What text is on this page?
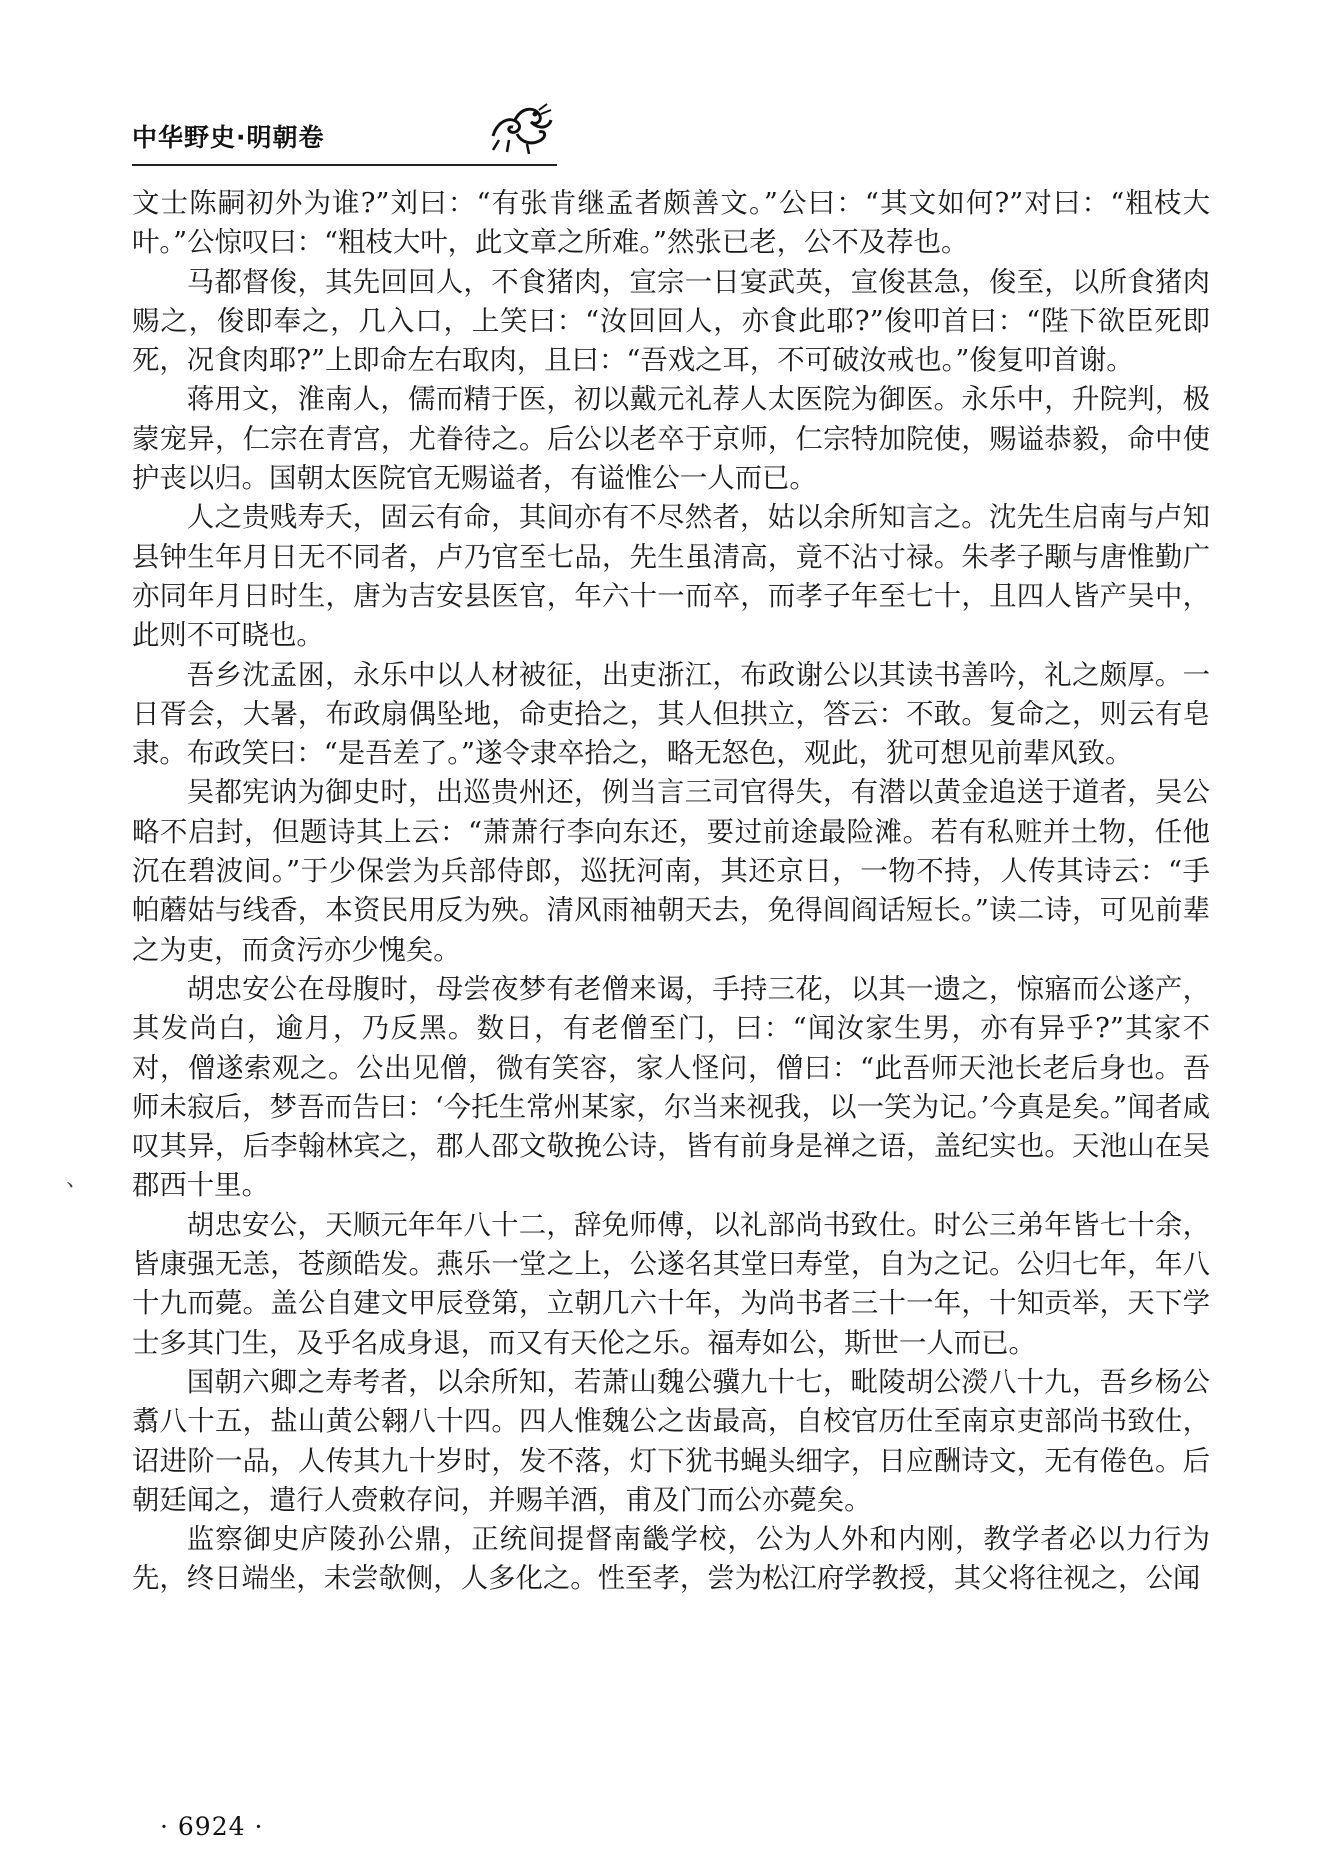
中华野史·明朝卷

文士陈嗣初外为谁?”刘曰：“有张肯继孟者颇善文。”公曰：“其文如何?”对曰：“粗枝大叶。”公惊叹曰：“粗枝大叶，此文章之所难。”然张已老，公不及荐也。

马都督俊，其先回回人，不食猪肉，宣宗一日宴武英，宣俊甚急，俊至，以所食猪肉赐之，俊即奉之，几入口，上笑曰：“汝回回人，亦食此耶?”俊叩首曰：“陛下欲臣死即死，况食肉耶?”上即命左右取肉，且曰：“吾戏之耳，不可破汝戒也。”俊复叩首谢。

蒋用文，淮南人，儒而精于医，初以戴元礼荐人太医院为御医。永乐中，升院判，极蒙宠异，仁宗在青宫，尤眷待之。后公以老卒于京师，仁宗特加院使，赐谥恭毅，命中使护丧以归。国朝太医院官无赐谥者，有谥惟公一人而已。

人之贵贱寿夭，固云有命，其间亦有不尽然者，姑以余所知言之。沈先生启南与卢知县钟生年月日无不同者，卢乃官至七品，先生虽清高，竟不沾寸禄。朱孝子颙与唐惟勤广亦同年月日时生，唐为吉安县医官，年六十一而卒，而孝子年至七十，且四人皆产吴中，此则不可晓也。

吾乡沈孟囦，永乐中以人材被征，出吏浙江，布政谢公以其读书善吟，礼之颇厚。一日胥会，大暑，布政扇偶坠地，命吏拾之，其人但拱立，答云：不敢。复命之，则云有皂隶。布政笑曰：“是吾差了。”遂令隶卒拾之，略无怒色，观此，犹可想见前辈风致。

吴都宪讷为御史时，出巡贵州还，例当言三司官得失，有潜以黄金追送于道者，吴公略不启封，但题诗其上云：“萧萧行李向东还，要过前途最险滩。若有私赃并土物，任他沉在碧波间。”于少保尝为兵部侍郎，巡抚河南，其还京日，一物不持，人传其诗云：“手帕蘑姑与线香，本资民用反为殃。清风雨袖朝天去，免得闾阎话短长。”读二诗，可见前辈之为吏，而贪污亦少愧矣。

胡忠安公在母腹时，母尝夜梦有老僧来谒，手持三花，以其一遗之，惊寤而公遂产，其发尚白，逾月，乃反黑。数日，有老僧至门，曰：“闻汝家生男，亦有异乎?”其家不对，僧遂索观之。公出见僧，微有笑容，家人怪问，僧曰：“此吾师天池长老后身也。吾师未寂后，梦吾而告曰：‘今托生常州某家，尔当来视我，以一笑为记。’今真是矣。”闻者咸叹其异，后李翰林宾之，郡人邵文敬挽公诗，皆有前身是禅之语，盖纪实也。天池山在吴郡西十里。

胡忠安公，天顺元年年八十二，辞免师傅，以礼部尚书致仕。时公三弟年皆七十余，皆康强无恙，苍颜皓发。燕乐一堂之上，公遂名其堂曰寿堂，自为之记。公归七年，年八十九而薨。盖公自建文甲辰登第，立朝几六十年，为尚书者三十一年，十知贡举，天下学士多其门生，及乎名成身退，而又有天伦之乐。福寿如公，斯世一人而已。

国朝六卿之寿考者，以余所知，若萧山魏公骥九十七，毗陵胡公濙八十九，吾乡杨公翥八十五，盐山黄公翱八十四。四人惟魏公之齿最高，自校官历仕至南京吏部尚书致仕，诏进阶一品，人传其九十岁时，发不落，灯下犹书蝇头细字，日应酬诗文，无有倦色。后朝廷闻之，遣行人赍敕存问，并赐羊酒，甫及门而公亦薨矣。

监察御史庐陵孙公鼎，正统间提督南畿学校，公为人外和内刚，教学者必以力行为先，终日端坐，未尝欹侧，人多化之。性至孝，尝为松江府学教授，其父将往视之，公闻

、
· 6924 ·
